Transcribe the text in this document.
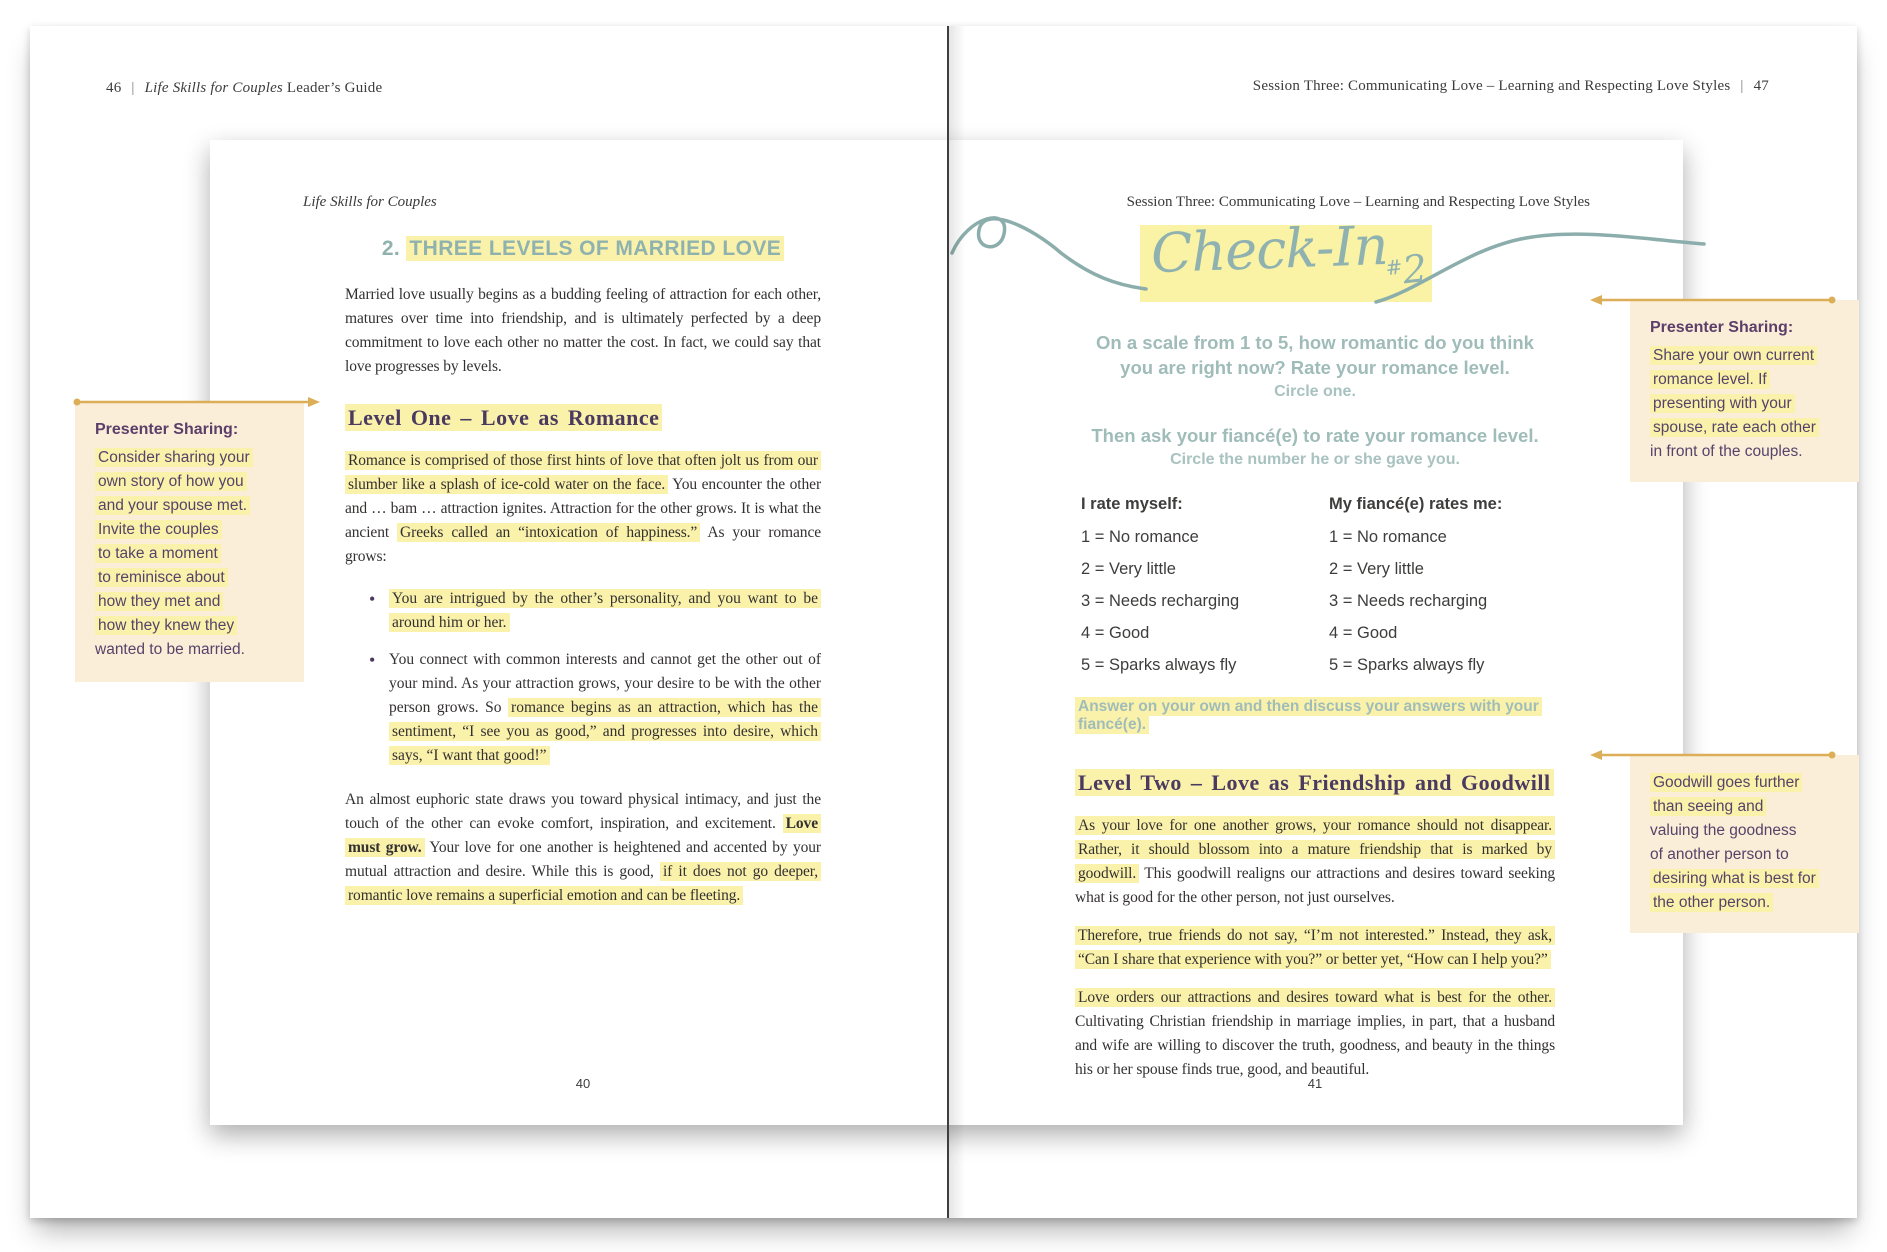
46 | Life Skills for Couples Leader’s Guide	Session Three: Communicating Love – Learning and Respecting Love Styles | 47
Life Skills for Couples	Session Three: Communicating Love – Learning and Respecting Love Styles
2. THREE LEVELS OF MARRIED LOVE

Married love usually begins as a budding feeling of attraction for each other, matures over time into friendship, and is ultimately perfected by a deep commitment to love each other no matter the cost. In fact, we could say that love progresses by levels.

Level One – Love as Romance

Romance is comprised of those first hints of love that often jolt us from our slumber like a splash of ice-cold water on the face. You encounter the other and … bam … attraction ignites. Attraction for the other grows. It is what the ancient Greeks called an “intoxication of happiness.” As your romance grows:

• You are intrigued by the other’s personality, and you want to be around him or her.
• You connect with common interests and cannot get the other out of your mind. As your attraction grows, your desire to be with the other person grows. So romance begins as an attraction, which has the sentiment, “I see you as good,” and progresses into desire, which says, “I want that good!”

An almost euphoric state draws you toward physical intimacy, and just the touch of the other can evoke comfort, inspiration, and excitement. Love must grow. Your love for one another is heightened and accented by your mutual attraction and desire. While this is good, if it does not go deeper, romantic love remains a superficial emotion and can be fleeting.

40
Check-In
#2

On a scale from 1 to 5, how romantic do you think

you are right now? Rate your romance level.

Circle one.

Then ask your fiancé(e) to rate your romance level.

Circle the number he or she gave you.

I rate myself:
1 = No romance
2 = Very little
3 = Needs recharging
4 = Good
5 = Sparks always fly
My fiancé(e) rates me:
1 = No romance
2 = Very little
3 = Needs recharging
4 = Good
5 = Sparks always fly

Answer on your own and then discuss your answers with your fiancé(e).

Level Two – Love as Friendship and Goodwill

As your love for one another grows, your romance should not disappear. Rather, it should blossom into a mature friendship that is marked by goodwill. This goodwill realigns our attractions and desires toward seeking what is good for the other person, not just ourselves.

Therefore, true friends do not say, “I’m not interested.” Instead, they ask, “Can I share that experience with you?” or better yet, “How can I help you?”

Love orders our attractions and desires toward what is best for the other. Cultivating Christian friendship in marriage implies, in part, that a husband and wife are willing to discover the truth, goodness, and beauty in the things his or her spouse finds true, good, and beautiful.

41

Presenter Sharing:

Consider sharing your
own story of how you
and your spouse met.
Invite the couples
to take a moment
to reminisce about
how they met and
how they knew they
wanted to be married.

Presenter Sharing:

Share your own current
romance level. If
presenting with your
spouse, rate each other
in front of the couples.
Goodwill goes further
than seeing and
valuing the goodness
of another person to
desiring what is best for
the other person.
